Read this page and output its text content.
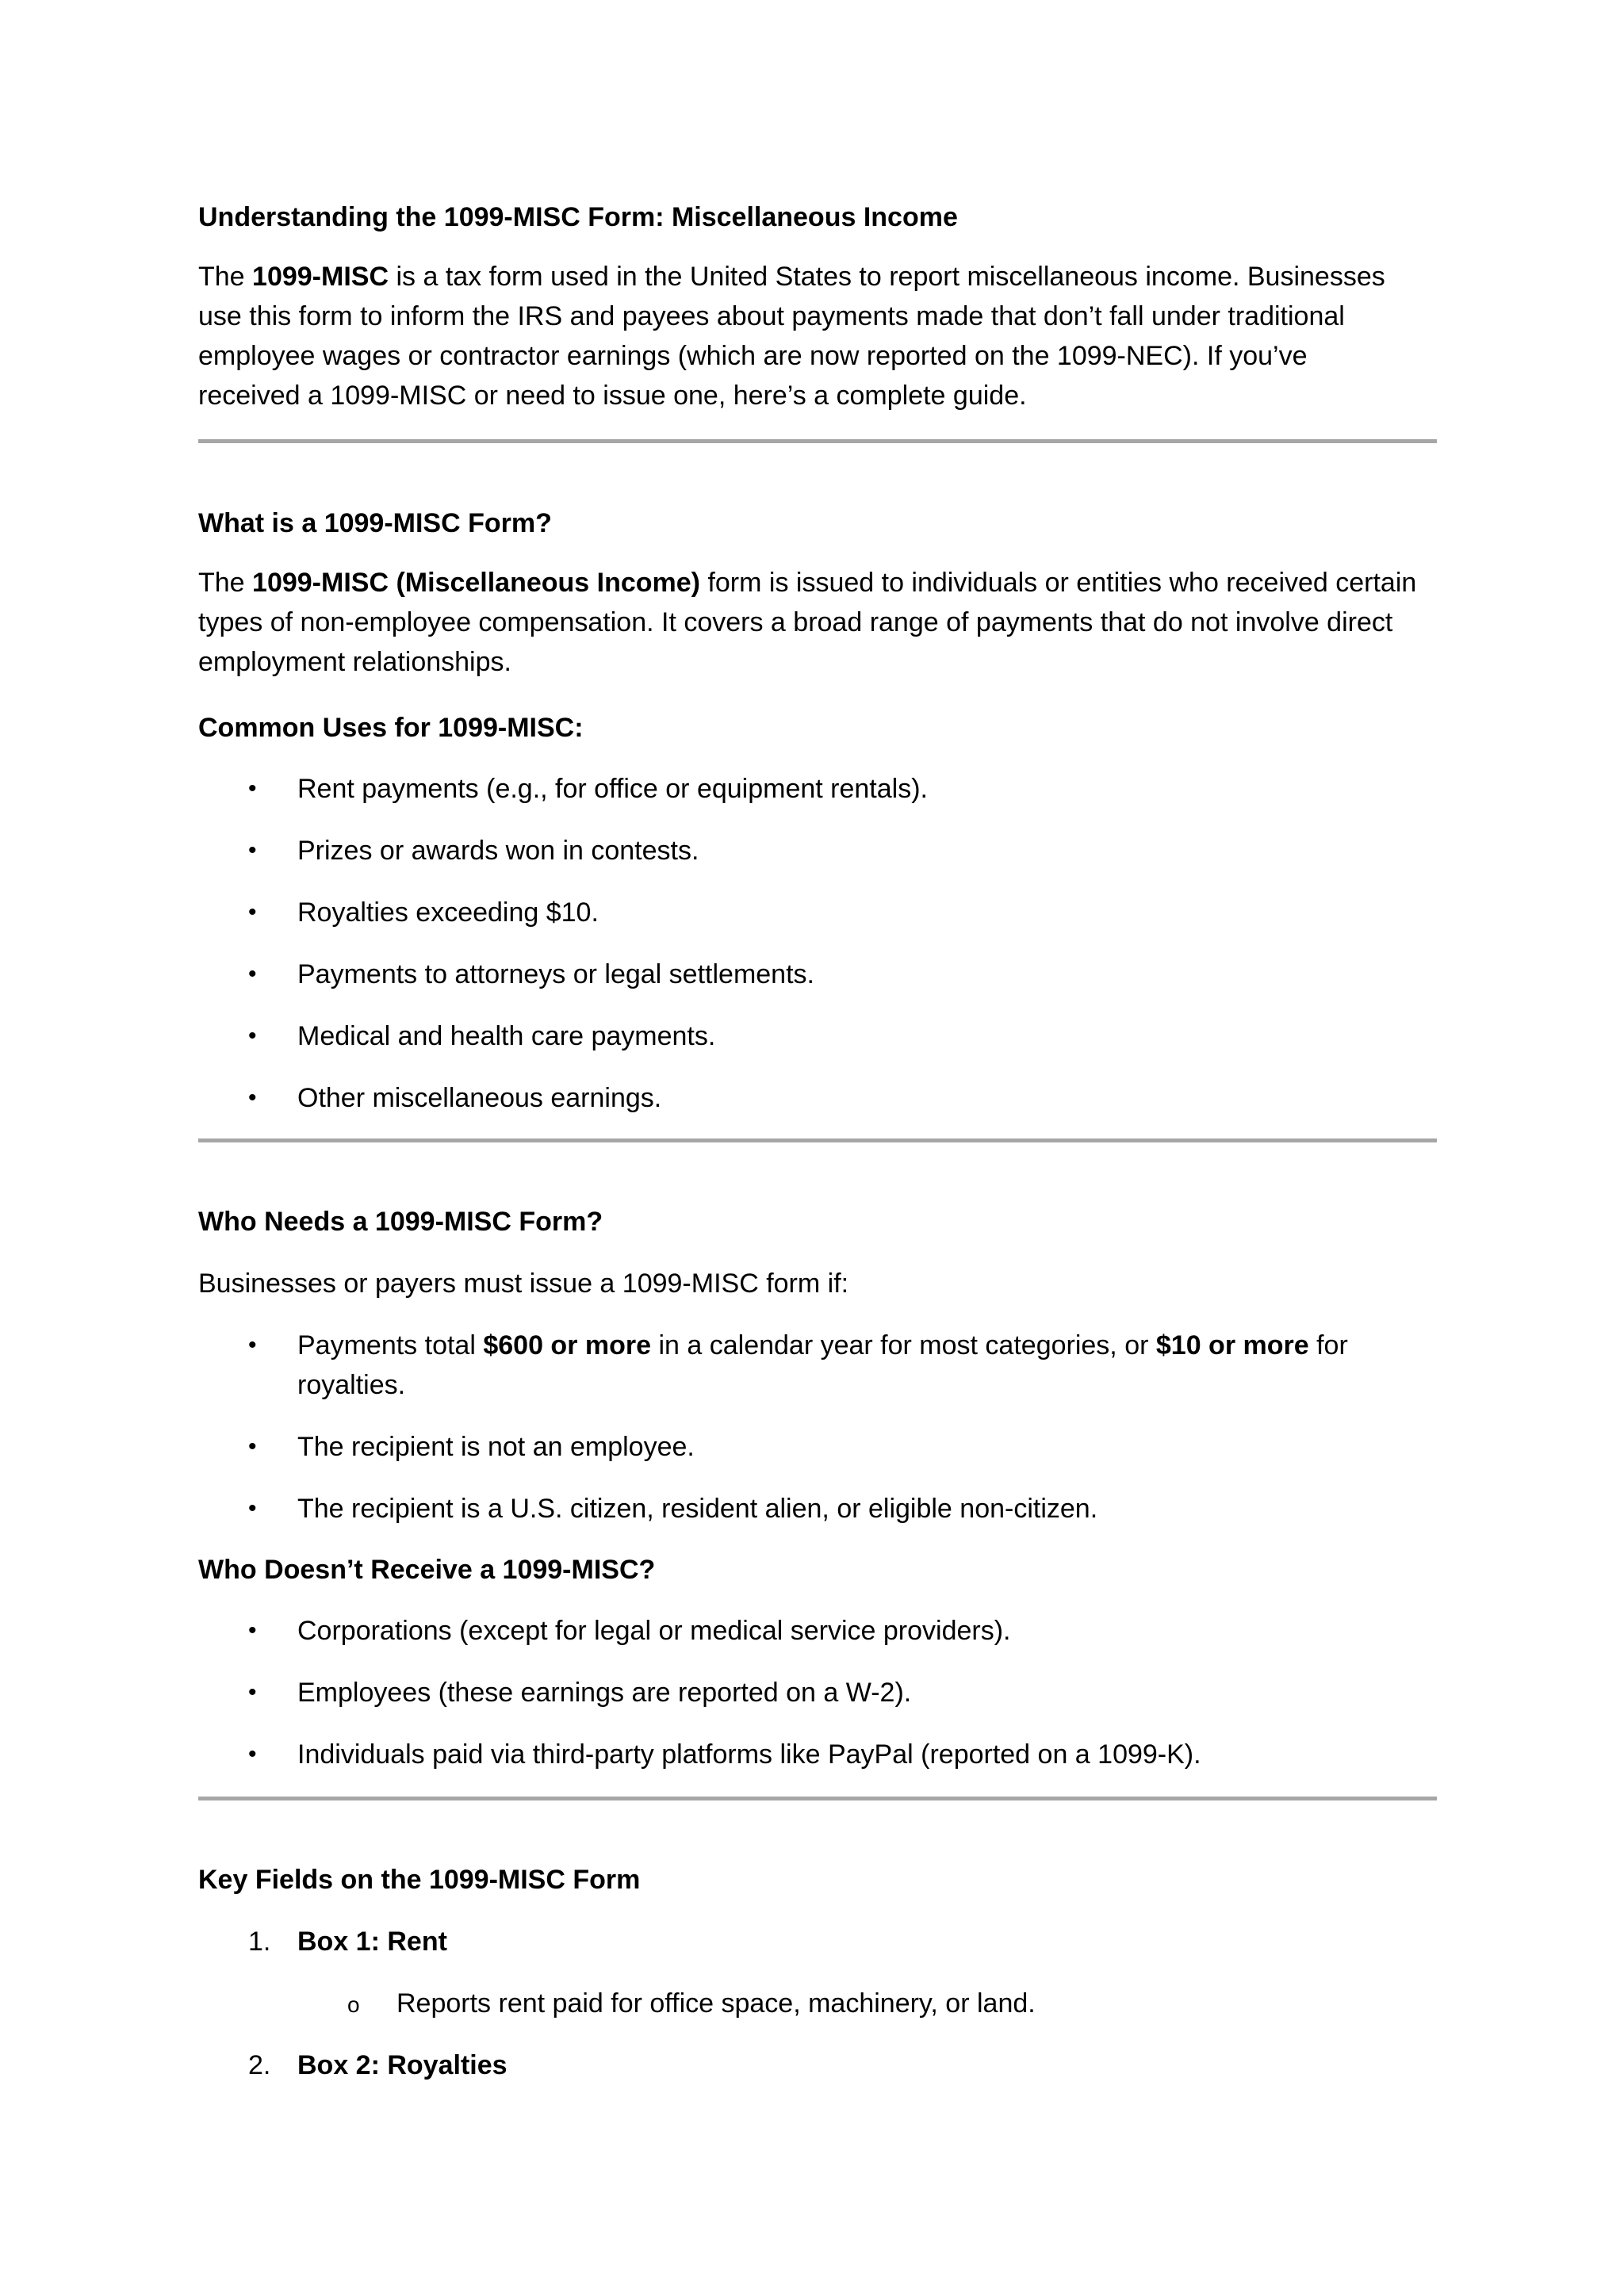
Understanding the 1099-MISC Form: Miscellaneous Income
The 1099-MISC is a tax form used in the United States to report miscellaneous income. Businesses
use this form to inform the IRS and payees about payments made that don’t fall under traditional
employee wages or contractor earnings (which are now reported on the 1099-NEC). If you’ve
received a 1099-MISC or need to issue one, here’s a complete guide.
What is a 1099-MISC Form?
The 1099-MISC (Miscellaneous Income) form is issued to individuals or entities who received certain
types of non-employee compensation. It covers a broad range of payments that do not involve direct
employment relationships.
Common Uses for 1099-MISC:
• Rent payments (e.g., for office or equipment rentals).
• Prizes or awards won in contests.
• Royalties exceeding $10.
• Payments to attorneys or legal settlements.
• Medical and health care payments.
• Other miscellaneous earnings.
Who Needs a 1099-MISC Form?
Businesses or payers must issue a 1099-MISC form if:
• Payments total $600 or more in a calendar year for most categories, or $10 or more for
royalties.
• The recipient is not an employee.
• The recipient is a U.S. citizen, resident alien, or eligible non-citizen.
Who Doesn’t Receive a 1099-MISC?
• Corporations (except for legal or medical service providers).
• Employees (these earnings are reported on a W-2).
• Individuals paid via third-party platforms like PayPal (reported on a 1099-K).
Key Fields on the 1099-MISC Form
1. Box 1: Rent
o Reports rent paid for office space, machinery, or land.
2. Box 2: Royalties
